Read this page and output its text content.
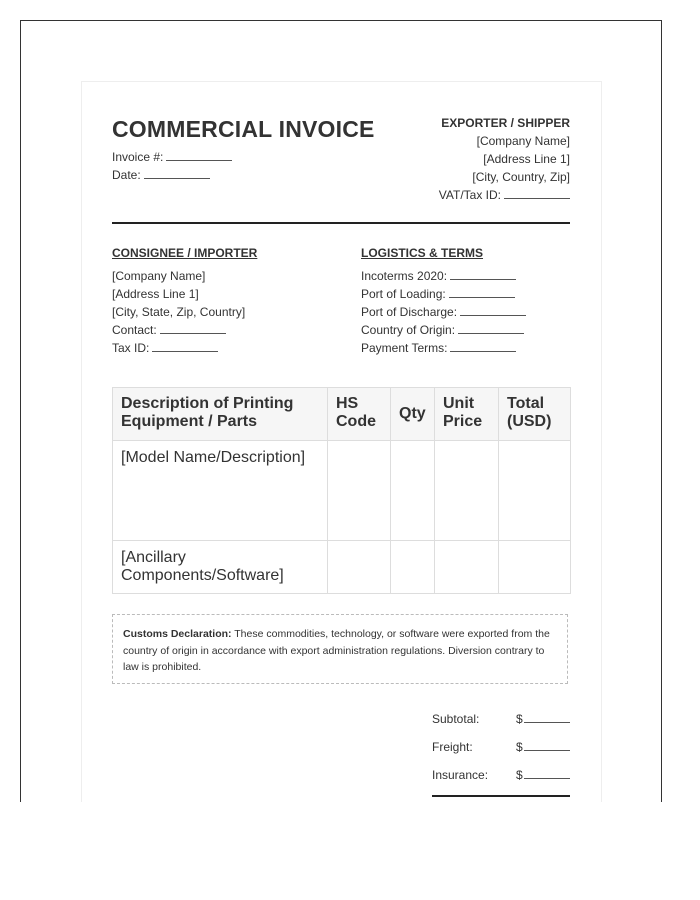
COMMERCIAL INVOICE
Invoice #:
Date:
EXPORTER / SHIPPER
[Company Name]
[Address Line 1]
[City, Country, Zip]
VAT/Tax ID:
CONSIGNEE / IMPORTER
[Company Name]
[Address Line 1]
[City, State, Zip, Country]
Contact:
Tax ID:
LOGISTICS & TERMS
Incoterms 2020:
Port of Loading:
Port of Discharge:
Country of Origin:
Payment Terms:
Description of Printing Equipment / Parts	HS Code	Qty	Unit Price	Total (USD)
[Model Name/Description]				
[Ancillary Components/Software]				
Customs Declaration: These commodities, technology, or software were exported from the country of origin in accordance with export administration regulations. Diversion contrary to law is prohibited.
Subtotal:	$
Freight:	$
Insurance: $
